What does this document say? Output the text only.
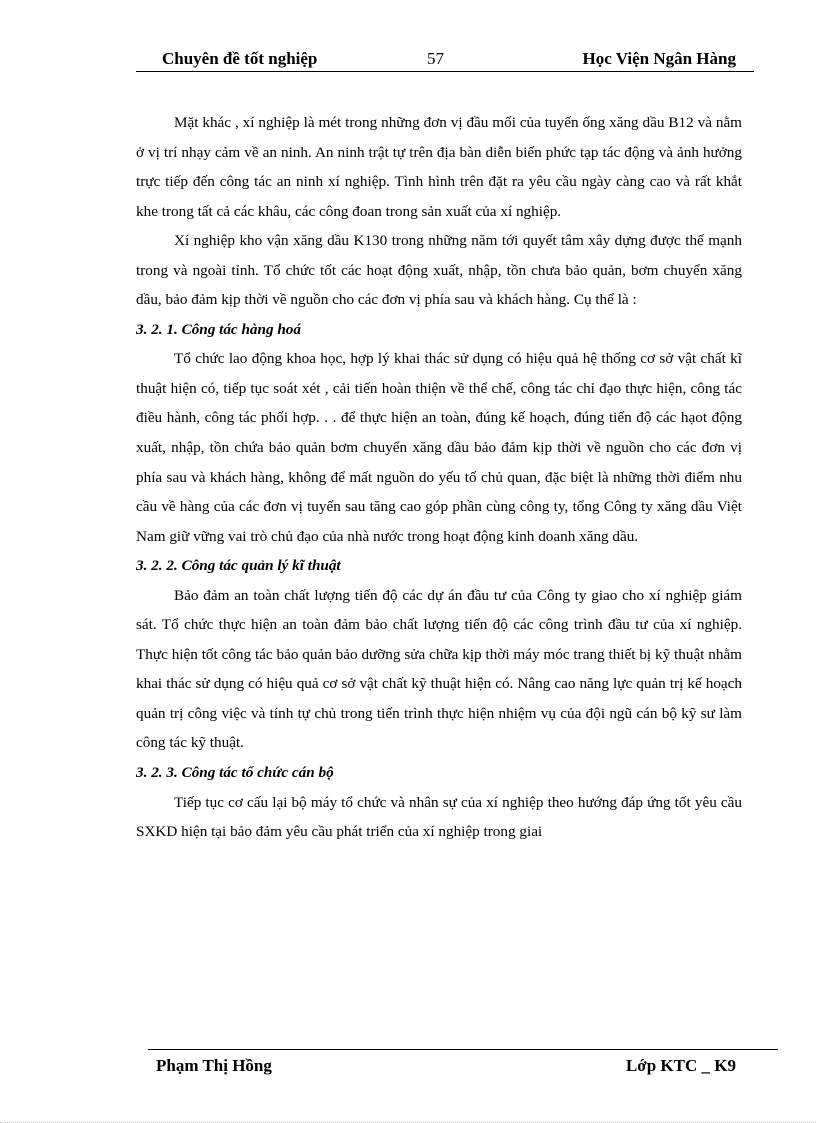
Chuyên đề tốt nghiệp	57	Học Viện Ngân Hàng

Mặt khác , xí nghiệp là mét trong những đơn vị đầu mối của tuyến ống xăng dầu B12 và nằm ở vị trí nhạy cảm về an ninh. An ninh trật tự trên địa bàn diễn biến phức tạp tác động và ảnh hưởng trực tiếp đến công tác an ninh xí nghiệp. Tình hình trên đặt ra yêu cầu ngày càng cao và rất khắt khe trong tất cả các khâu, các công đoan trong sản xuất của xí nghiệp.

Xí nghiệp kho vận xăng dầu K130 trong những năm tới quyết tâm xây dựng được thế mạnh trong và ngoài tỉnh. Tổ chức tốt các hoạt động xuất, nhập, tồn chưa bảo quản, bơm chuyển xăng dầu, bảo đảm kịp thời về nguồn cho các đơn vị phía sau và khách hàng. Cụ thể là :

3. 2. 1. Công tác hàng hoá

Tổ chức lao động khoa học, hợp lý khai thác sử dụng có hiệu quả hệ thống cơ sở vật chất kĩ thuật hiện có, tiếp tục soát xét , cải tiến hoàn thiện về thể chế, công tác chỉ đạo thực hiện, công tác điều hành, công tác phối hợp. . . để thực hiện an toàn, đúng kế hoạch, đúng tiến độ các hạot động xuất, nhập, tồn chứa bảo quản bơm chuyển xăng dầu bảo đảm kịp thời về nguồn cho các đơn vị phía sau và khách hàng, không để mất nguồn do yếu tố chủ quan, đặc biệt là những thời điểm nhu cầu về hàng của các đơn vị tuyến sau tăng cao góp phần cùng công ty, tổng Công ty xăng dầu Việt Nam giữ vững vai trò chủ đạo của nhà nước trong hoạt động kinh doanh xăng dầu.

3. 2. 2. Công tác quản lý kĩ thuật

Bảo đảm an toàn chất lượng tiến độ các dự án đầu tư của Công ty giao cho xí nghiệp giám sát. Tổ chức thực hiện an toàn đảm bảo chất lượng tiến độ các công trình đầu tư của xí nghiệp. Thực hiện tốt công tác bảo quản bảo dưỡng sửa chữa kịp thời máy móc trang thiết bị kỹ thuật nhằm khai thác sử dụng có hiệu quả cơ sở vật chất kỹ thuật hiện có. Nâng cao năng lực quản trị kế hoạch quản trị công việc và tính tự chủ trong tiến trình thực hiện nhiệm vụ của đội ngũ cán bộ kỹ sư làm công tác kỹ thuật.

3. 2. 3. Công tác tổ chức cán bộ

Tiếp tục cơ cấu lại bộ máy tổ chức và nhân sự của xí nghiệp theo hướng đáp ứng tốt yêu cầu SXKD hiện tại bảo đảm yêu cầu phát triển của xí nghiệp trong giai

Phạm Thị Hồng	Lớp KTC _ K9
